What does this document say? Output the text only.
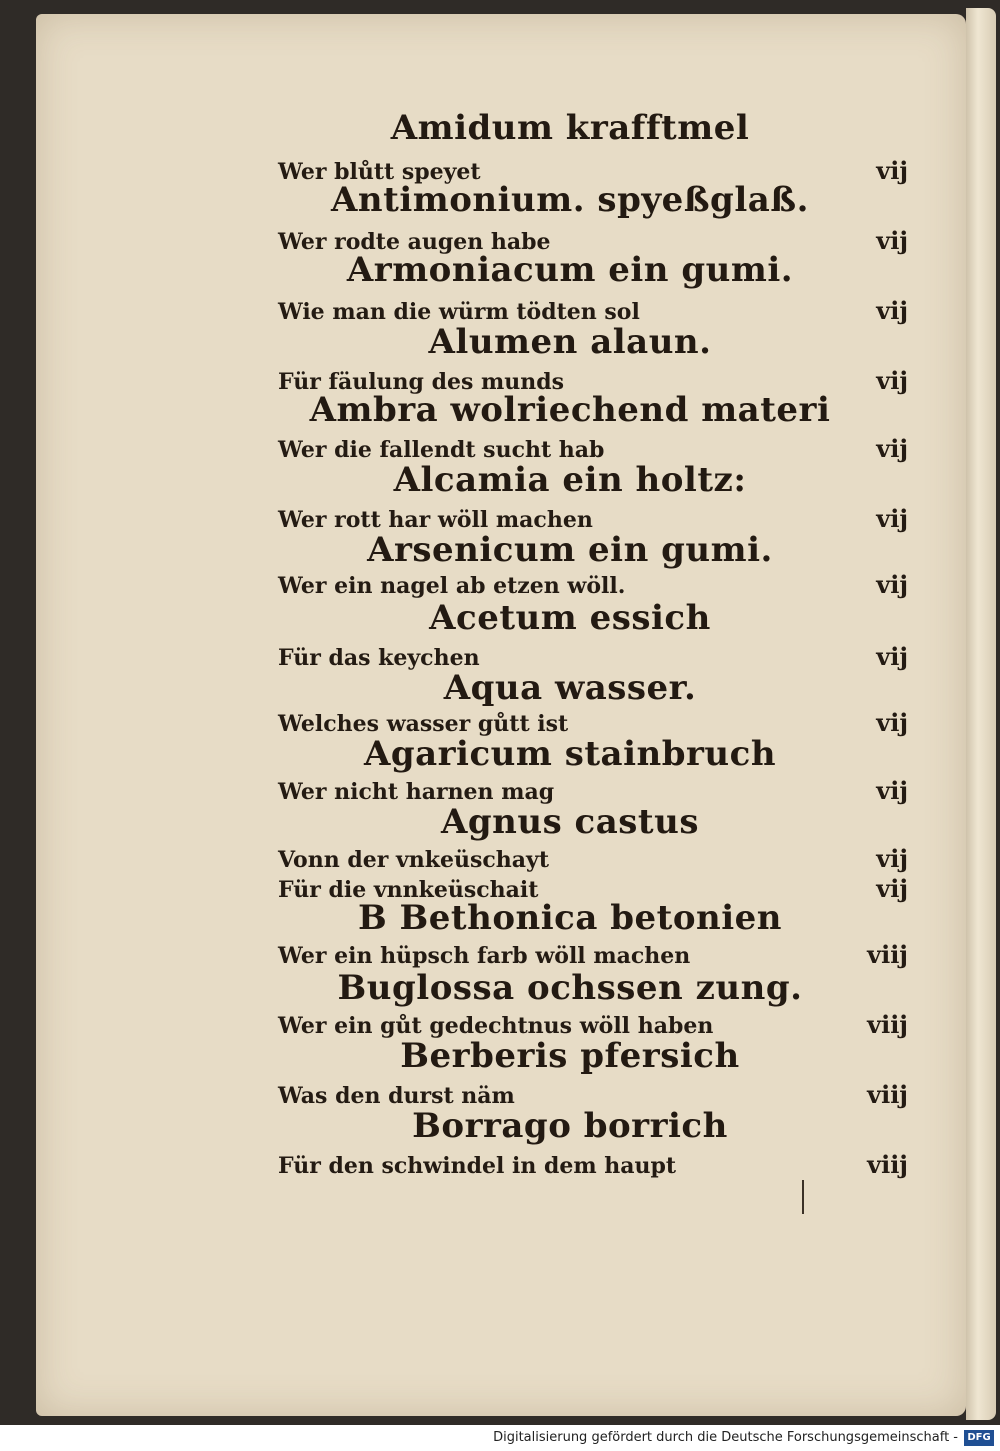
Amidum krafftmel
Wer blůtt speyet	vij
Antimonium. spyeßglaß.
Wer rodte augen habe	vij
Armoniacum ein gumi.
Wie man die würm tödten sol	vij
Alumen alaun.
Für fäulung des munds	vij
Ambra wolriechend materi
Wer die fallendt sucht hab	vij
Alcamia ein holtz:
Wer rott har wöll machen	vij
Arsenicum ein gumi.
Wer ein nagel ab etzen wöll.	vij
Acetum essich
Für das keychen	vij
Aqua wasser.
Welches wasser gůtt ist	vij
Agaricum stainbruch
Wer nicht harnen mag	vij
Agnus castus
Vonn der vnkeüschayt	vij
Für die vnnkeüschait	vij
B Bethonica betonien
Wer ein hüpsch farb wöll machen	viij
Buglossa ochssen zung.
Wer ein gůt gedechtnus wöll haben	viij
Berberis pfersich
Was den durst näm	viij
Borrago borrich
Für den schwindel in dem haupt	viij
Digitalisierung gefördert durch die Deutsche Forschungsgemeinschaft - DFG
